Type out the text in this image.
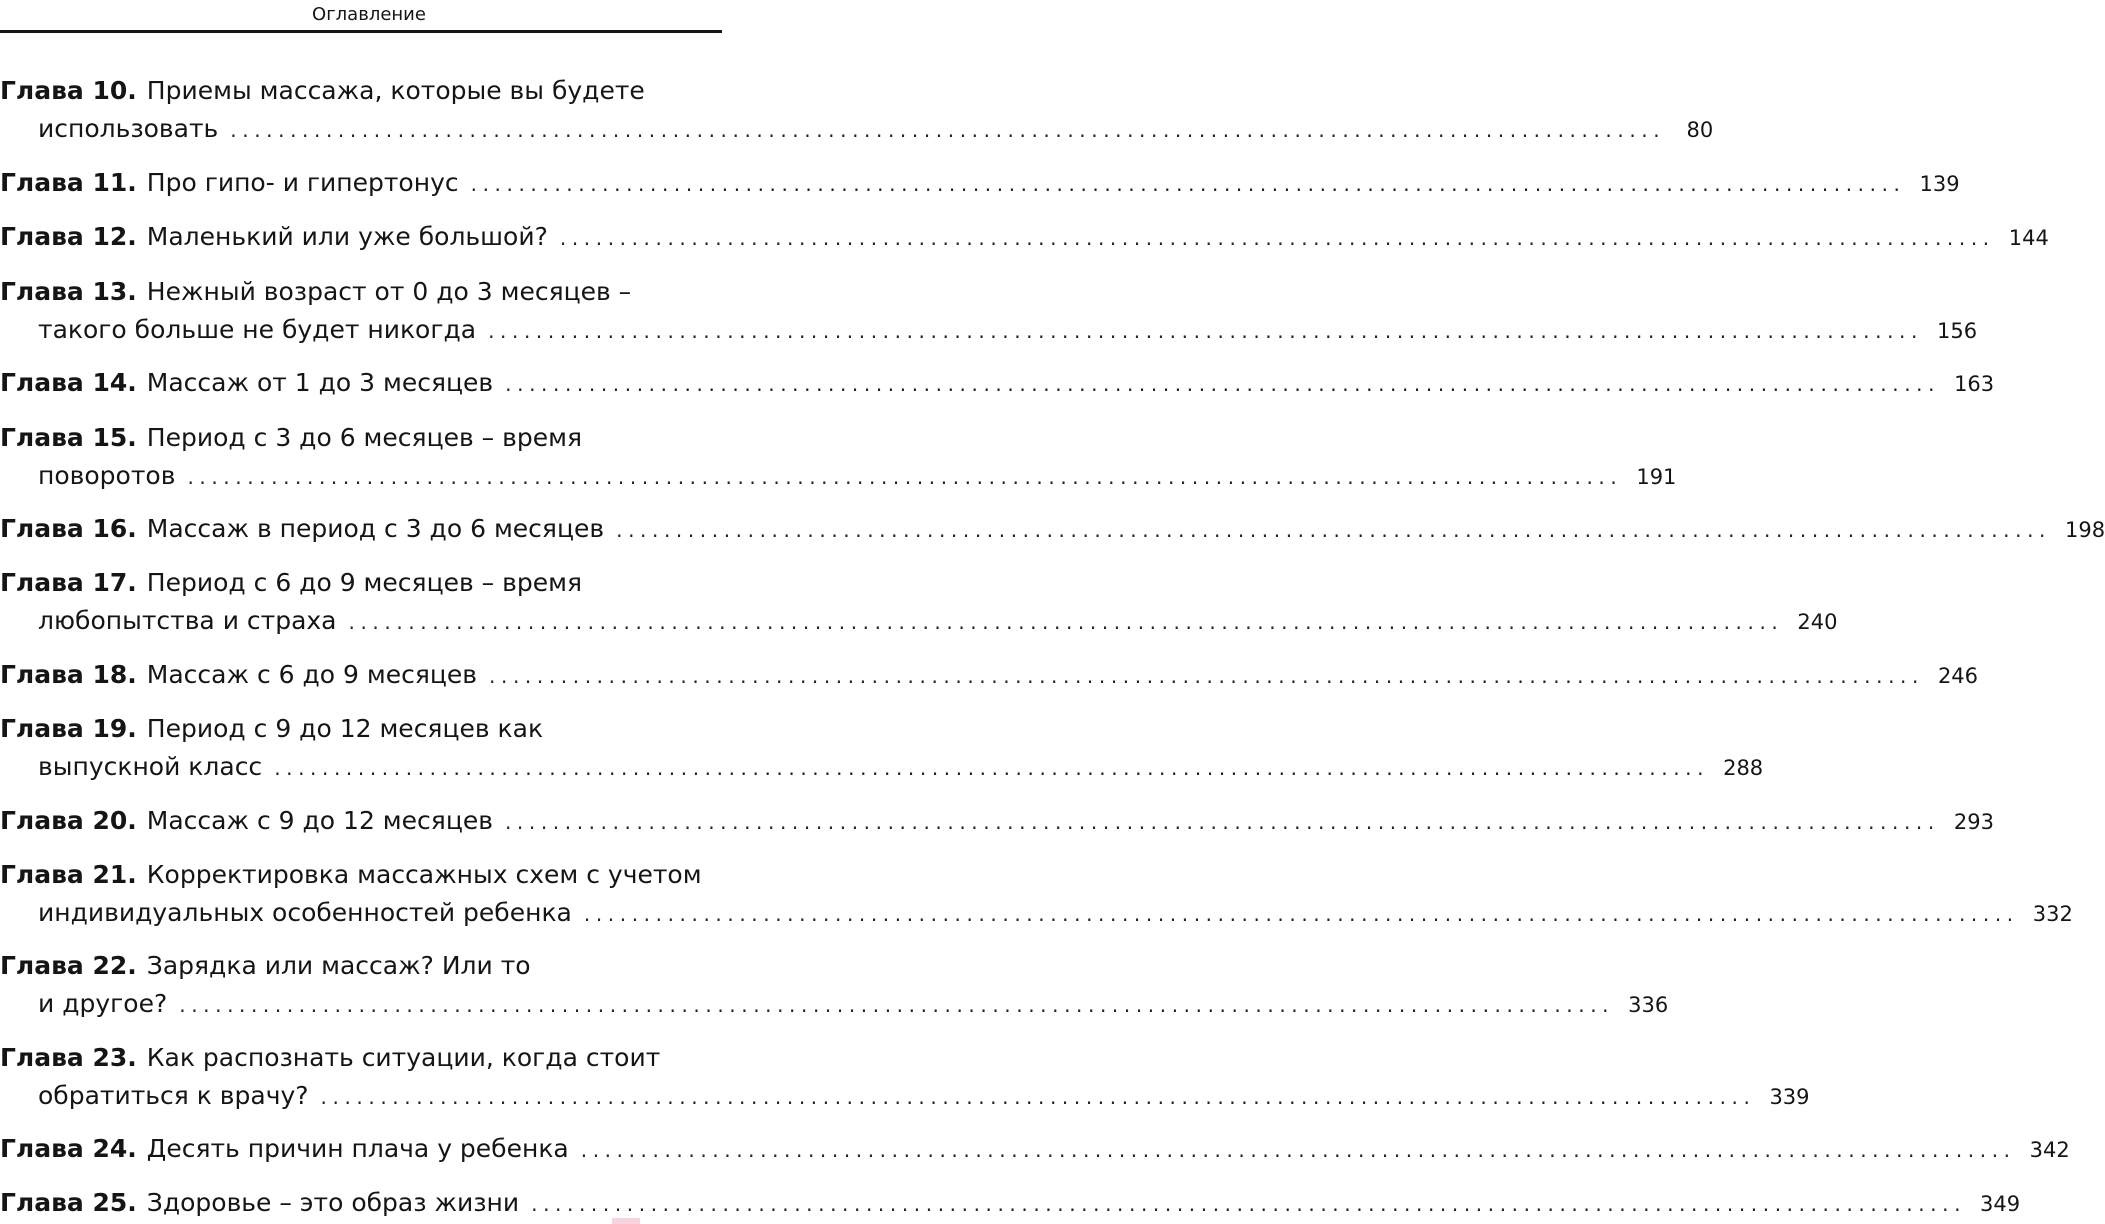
Оглавление
Глава 10. Приемы массажа, которые вы будете
использовать ........................................................................................................................	80
Глава 11. Про гипо- и гипертонус ........................................................................................................................ 139
Глава 12. Маленький или уже большой? ........................................................................................................................ 144
Глава 13. Нежный возраст от 0 до 3 месяцев –
такого больше не будет никогда ........................................................................................................................ 156
Глава 14. Массаж от 1 до 3 месяцев ........................................................................................................................ 163
Глава 15. Период с 3 до 6 месяцев – время
поворотов ........................................................................................................................ 191
Глава 16. Массаж в период с 3 до 6 месяцев ........................................................................................................................ 198
Глава 17. Период с 6 до 9 месяцев – время
любопытства и страха ........................................................................................................................ 240
Глава 18. Массаж с 6 до 9 месяцев ........................................................................................................................ 246
Глава 19. Период с 9 до 12 месяцев как
выпускной класс ........................................................................................................................ 288
Глава 20. Массаж с 9 до 12 месяцев ........................................................................................................................ 293
Глава 21. Корректировка массажных схем с учетом
индивидуальных особенностей ребенка ........................................................................................................................ 332
Глава 22. Зарядка или массаж? Или то
и другое? ........................................................................................................................ 336
Глава 23. Как распознать ситуации, когда стоит
обратиться к врачу? ........................................................................................................................ 339
Глава 24. Десять причин плача у ребенка ........................................................................................................................ 342
Глава 25. Здоровье – это образ жизни ........................................................................................................................ 349
